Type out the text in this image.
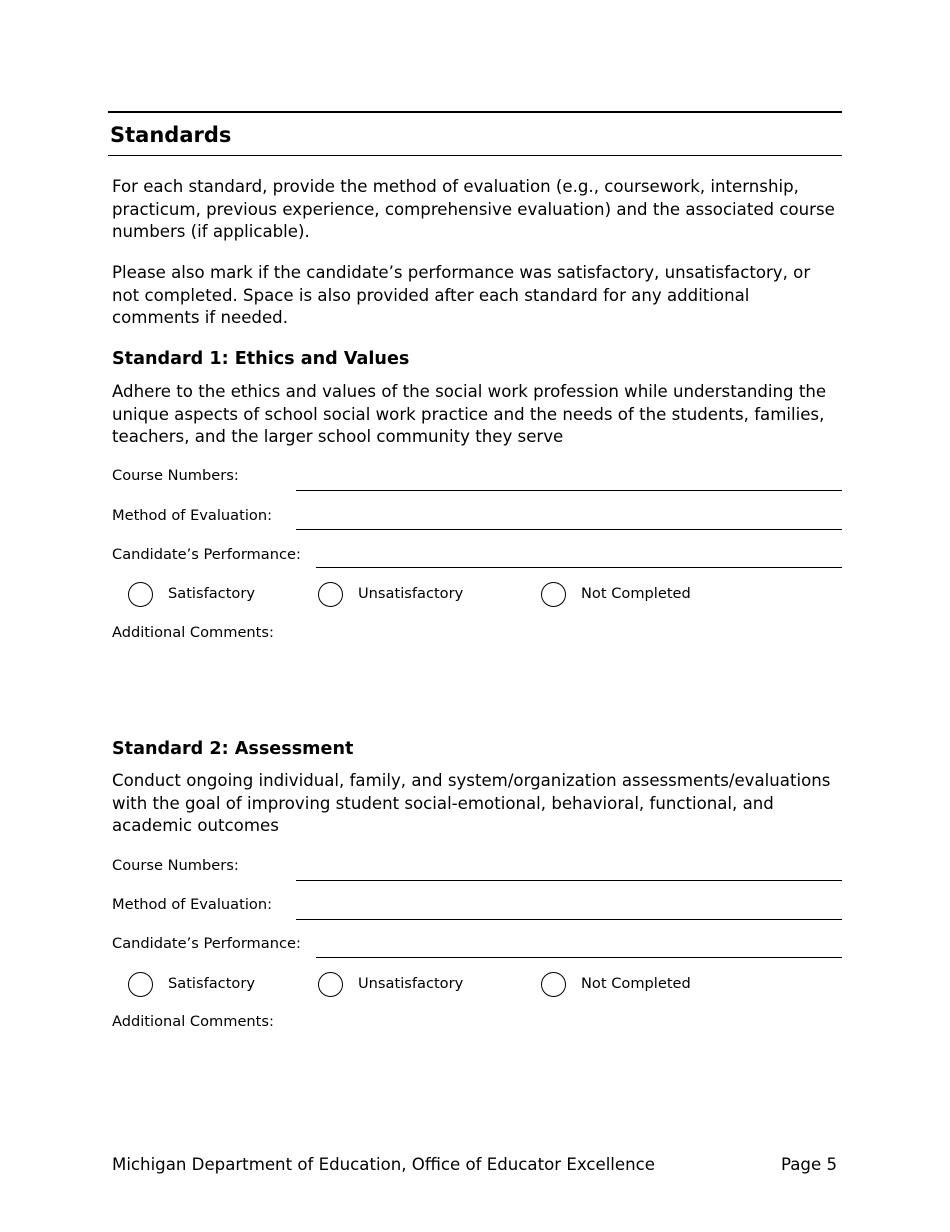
Standards

For each standard, provide the method of evaluation (e.g., coursework, internship, practicum, previous experience, comprehensive evaluation) and the associated course numbers (if applicable).

Please also mark if the candidate’s performance was satisfactory, unsatisfactory, or not completed. Space is also provided after each standard for any additional comments if needed.

Standard 1: Ethics and Values

Adhere to the ethics and values of the social work profession while understanding the unique aspects of school social work practice and the needs of the students, families, teachers, and the larger school community they serve

Course Numbers:
Method of Evaluation:
Candidate’s Performance:
Satisfactory	Unsatisfactory	Not Completed
Additional Comments:
Standard 2: Assessment

Conduct ongoing individual, family, and system/organization assessments/evaluations with the goal of improving student social-emotional, behavioral, functional, and academic outcomes

Course Numbers:
Method of Evaluation:
Candidate’s Performance:
Satisfactory	Unsatisfactory	Not Completed
Additional Comments:
Michigan Department of Education, Office of Educator Excellence	Page 5
